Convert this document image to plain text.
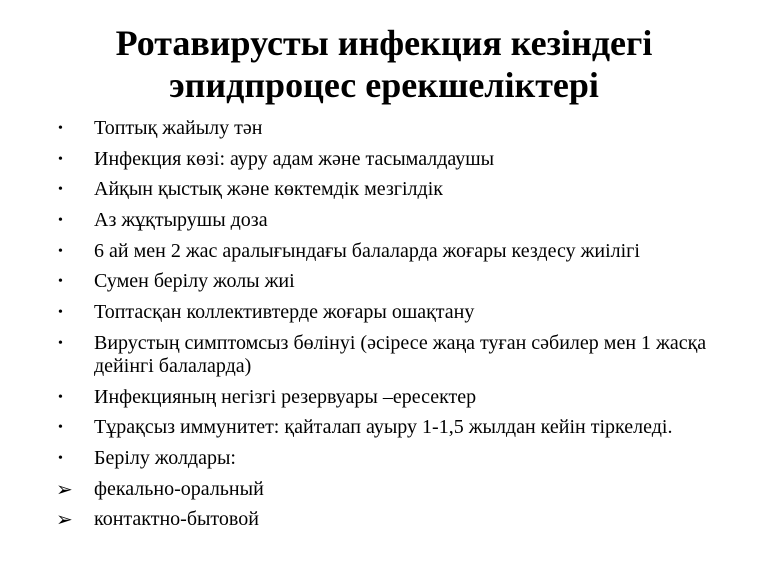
Ротавирусты инфекция кезіндегі
эпидпроцес ерекшеліктері
•	Топтық жайылу тән
•	Инфекция көзі: ауру адам және тасымалдаушы
•	Айқын қыстық және көктемдік мезгілдік
•	Аз жұқтырушы доза
•	6 ай мен 2 жас аралығындағы балаларда жоғары кездесу жиілігі
•	Сумен берілу жолы жиі
•	Топтасқан коллективтерде жоғары ошақтану
•	Вирустың симптомсыз бөлінуі (әсіресе жаңа туған сәбилер мен 1 жасқа дейінгі балаларда)
•	Инфекцияның негізгі резервуары –ересектер
•	Тұрақсыз иммунитет: қайталап ауыру 1-1,5 жылдан кейін тіркеледі.
•	Берілу жолдары:
➢ фекально-оральный
➢ контактно-бытовой
